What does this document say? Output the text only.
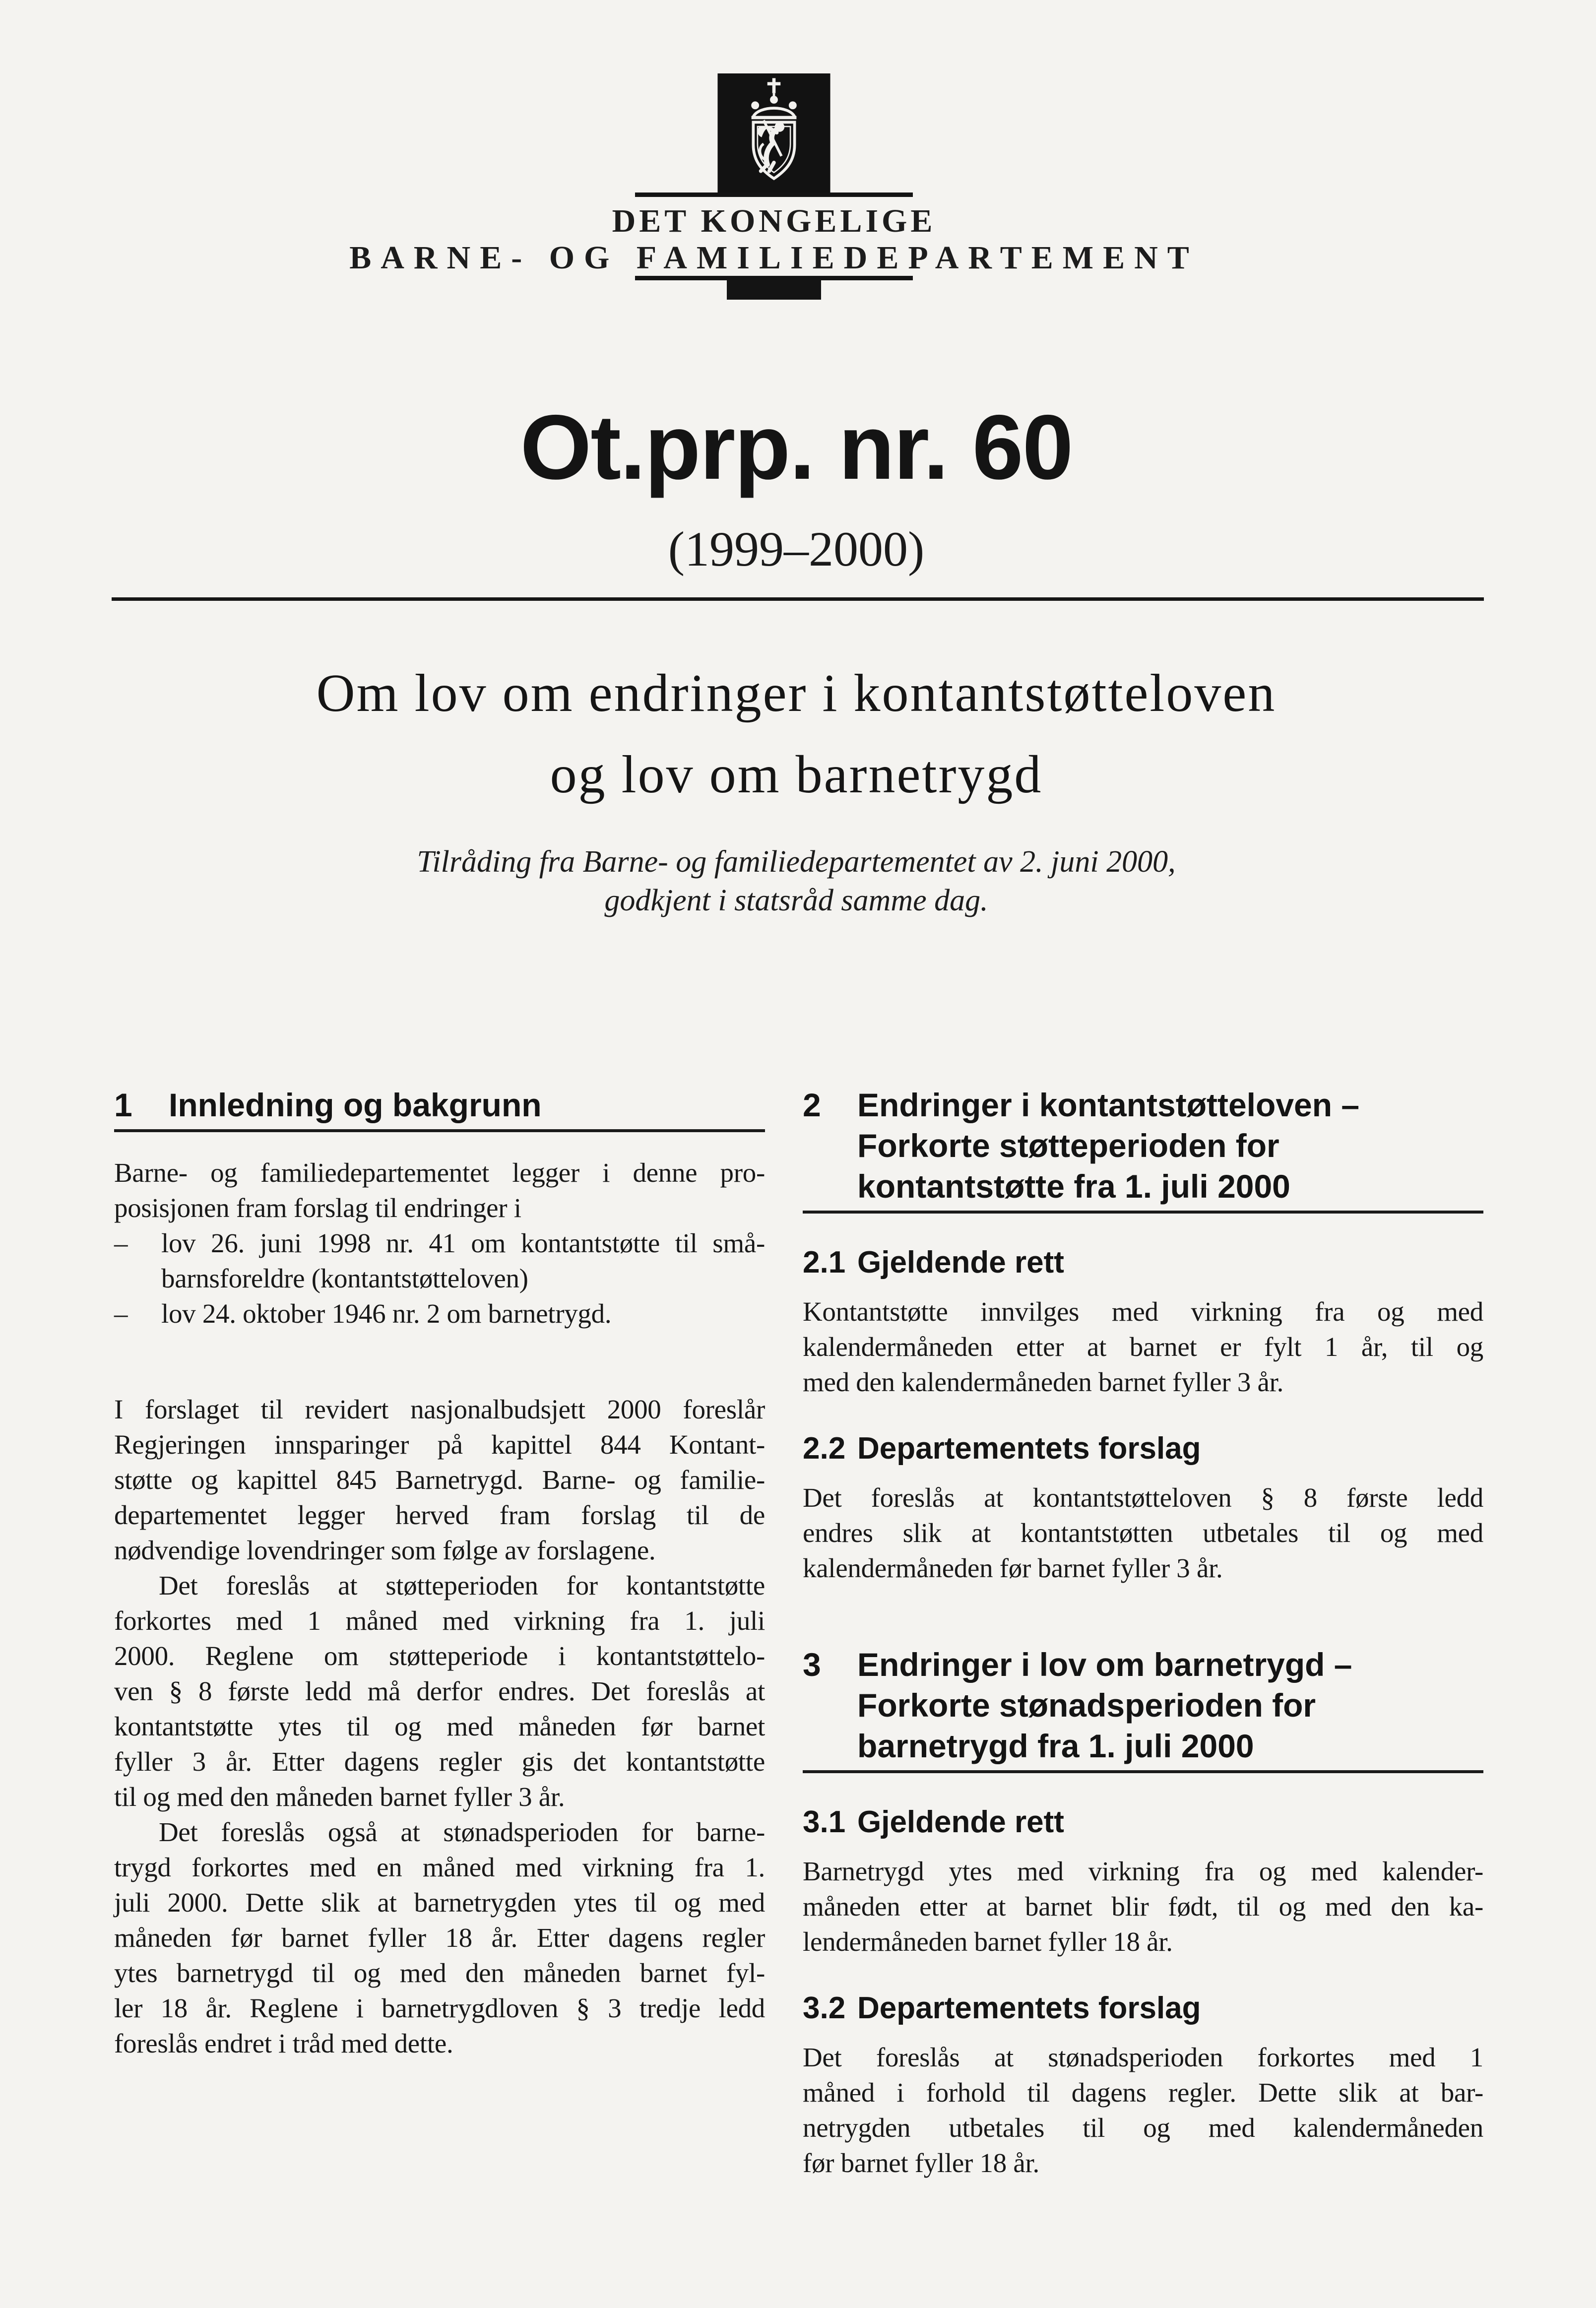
DET KONGELIGE
BARNE- OG FAMILIEDEPARTEMENT
Ot.prp. nr. 60
(1999–2000)
Om lov om endringer i kontantstøtteloven
og lov om barnetrygd
Tilråding fra Barne- og familiedepartementet av 2. juni 2000,
godkjent i statsråd samme dag.
1 Innledning og bakgrunn
Barne- og familiedepartementet legger i denne pro-
posisjonen fram forslag til endringer i
– lov 26. juni 1998 nr. 41 om kontantstøtte til små-
barnsforeldre (kontantstøtteloven)
– lov 24. oktober 1946 nr. 2 om barnetrygd.
I forslaget til revidert nasjonalbudsjett 2000 foreslår
Regjeringen innsparinger på kapittel 844 Kontant-
støtte og kapittel 845 Barnetrygd. Barne- og familie-
departementet legger herved fram forslag til de
nødvendige lovendringer som følge av forslagene.
Det foreslås at støtteperioden for kontantstøtte
forkortes med 1 måned med virkning fra 1. juli
2000. Reglene om støtteperiode i kontantstøttelo-
ven § 8 første ledd må derfor endres. Det foreslås at
kontantstøtte ytes til og med måneden før barnet
fyller 3 år. Etter dagens regler gis det kontantstøtte
til og med den måneden barnet fyller 3 år.
Det foreslås også at stønadsperioden for barne-
trygd forkortes med en måned med virkning fra 1.
juli 2000. Dette slik at barnetrygden ytes til og med
måneden før barnet fyller 18 år. Etter dagens regler
ytes barnetrygd til og med den måneden barnet fyl-
ler 18 år. Reglene i barnetrygdloven § 3 tredje ledd
foreslås endret i tråd med dette.
2 Endringer i kontantstøtteloven –
Forkorte støtteperioden for
kontantstøtte fra 1. juli 2000
2.1 Gjeldende rett
Kontantstøtte innvilges med virkning fra og med
kalendermåneden etter at barnet er fylt 1 år, til og
med den kalendermåneden barnet fyller 3 år.
2.2 Departementets forslag
Det foreslås at kontantstøtteloven § 8 første ledd
endres slik at kontantstøtten utbetales til og med
kalendermåneden før barnet fyller 3 år.
3 Endringer i lov om barnetrygd –
Forkorte stønadsperioden for
barnetrygd fra 1. juli 2000
3.1 Gjeldende rett
Barnetrygd ytes med virkning fra og med kalender-
måneden etter at barnet blir født, til og med den ka-
lendermåneden barnet fyller 18 år.
3.2 Departementets forslag
Det foreslås at stønadsperioden forkortes med 1
måned i forhold til dagens regler. Dette slik at bar-
netrygden utbetales til og med kalendermåneden
før barnet fyller 18 år.
